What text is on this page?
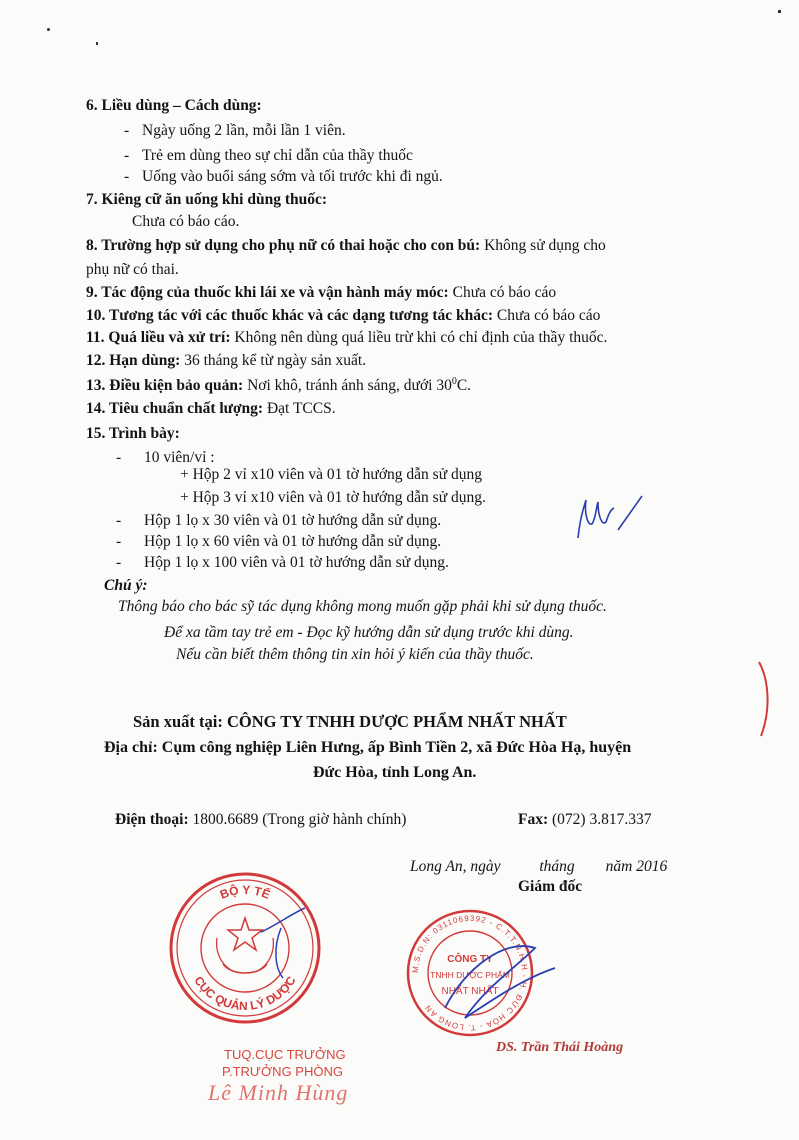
6. Liều dùng – Cách dùng:
- Ngày uống 2 lần, mỗi lần 1 viên.
- Trẻ em dùng theo sự chỉ dẫn của thầy thuốc
- Uống vào buổi sáng sớm và tối trước khi đi ngủ.
7. Kiêng cữ ăn uống khi dùng thuốc:
Chưa có báo cáo.
8. Trường hợp sử dụng cho phụ nữ có thai hoặc cho con bú: Không sử dụng cho
phụ nữ có thai.
9. Tác động của thuốc khi lái xe và vận hành máy móc: Chưa có báo cáo
10. Tương tác với các thuốc khác và các dạng tương tác khác: Chưa có báo cáo
11. Quá liều và xử trí: Không nên dùng quá liều trừ khi có chỉ định của thầy thuốc.
12. Hạn dùng: 36 tháng kể từ ngày sản xuất.
13. Điều kiện bảo quản: Nơi khô, tránh ánh sáng, dưới $30^0C$.
14. Tiêu chuẩn chất lượng: Đạt TCCS.
15. Trình bày:
- 10 viên/vỉ :
+ Hộp 2 vỉ x10 viên và 01 tờ hướng dẫn sử dụng
+ Hộp 3 vỉ x10 viên và 01 tờ hướng dẫn sử dụng.
- Hộp 1 lọ x 30 viên và 01 tờ hướng dẫn sử dụng.
- Hộp 1 lọ x 60 viên và 01 tờ hướng dẫn sử dụng.
- Hộp 1 lọ x 100 viên và 01 tờ hướng dẫn sử dụng.
Chú ý:
Thông báo cho bác sỹ tác dụng không mong muốn gặp phải khi sử dụng thuốc.
Để xa tầm tay trẻ em - Đọc kỹ hướng dẫn sử dụng trước khi dùng.
Nếu cần biết thêm thông tin xin hỏi ý kiến của thầy thuốc.
Sản xuất tại: CÔNG TY TNHH DƯỢC PHẨM NHẤT NHẤT
Địa chỉ: Cụm công nghiệp Liên Hưng, ấp Bình Tiền 2, xã Đức Hòa Hạ, huyện
Đức Hòa, tỉnh Long An.
Điện thoại: 1800.6689 (Trong giờ hành chính)	Fax: (072) 3.817.337
Long An, ngày          tháng        năm 2016
Giám đốc
BỘ Y TẾ
CỤC QUẢN LÝ DƯỢC
TUQ.CỤC TRƯỞNG
P.TRƯỞNG PHÒNG
Lê Minh Hùng
M.S.D.N: 0311069392 - C.T.T.N.H.H - H. ĐỨC HÒA - T. LONG AN
CÔNG TY
TNHH DƯỢC PHẨM
NHẤT NHẤT
DS. Trần Thái Hoàng
